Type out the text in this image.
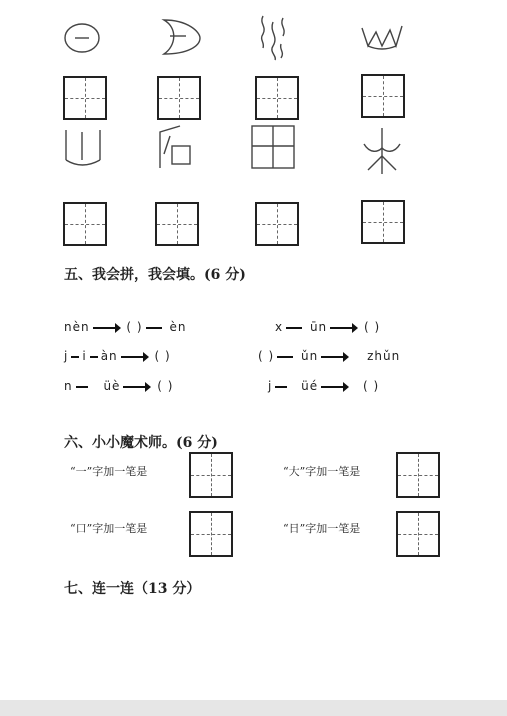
五、我会拼，我会填。(6 分)
nèn	( ) èn	x ūn	( )
j i àn	( )	( ) ǔn	zhǔn
n	üè	( )	j üé	( )
六、小小魔术师。(6 分)
“一”字加一笔是	“大”字加一笔是
“口”字加一笔是	“日”字加一笔是
七、连一连（13 分）
